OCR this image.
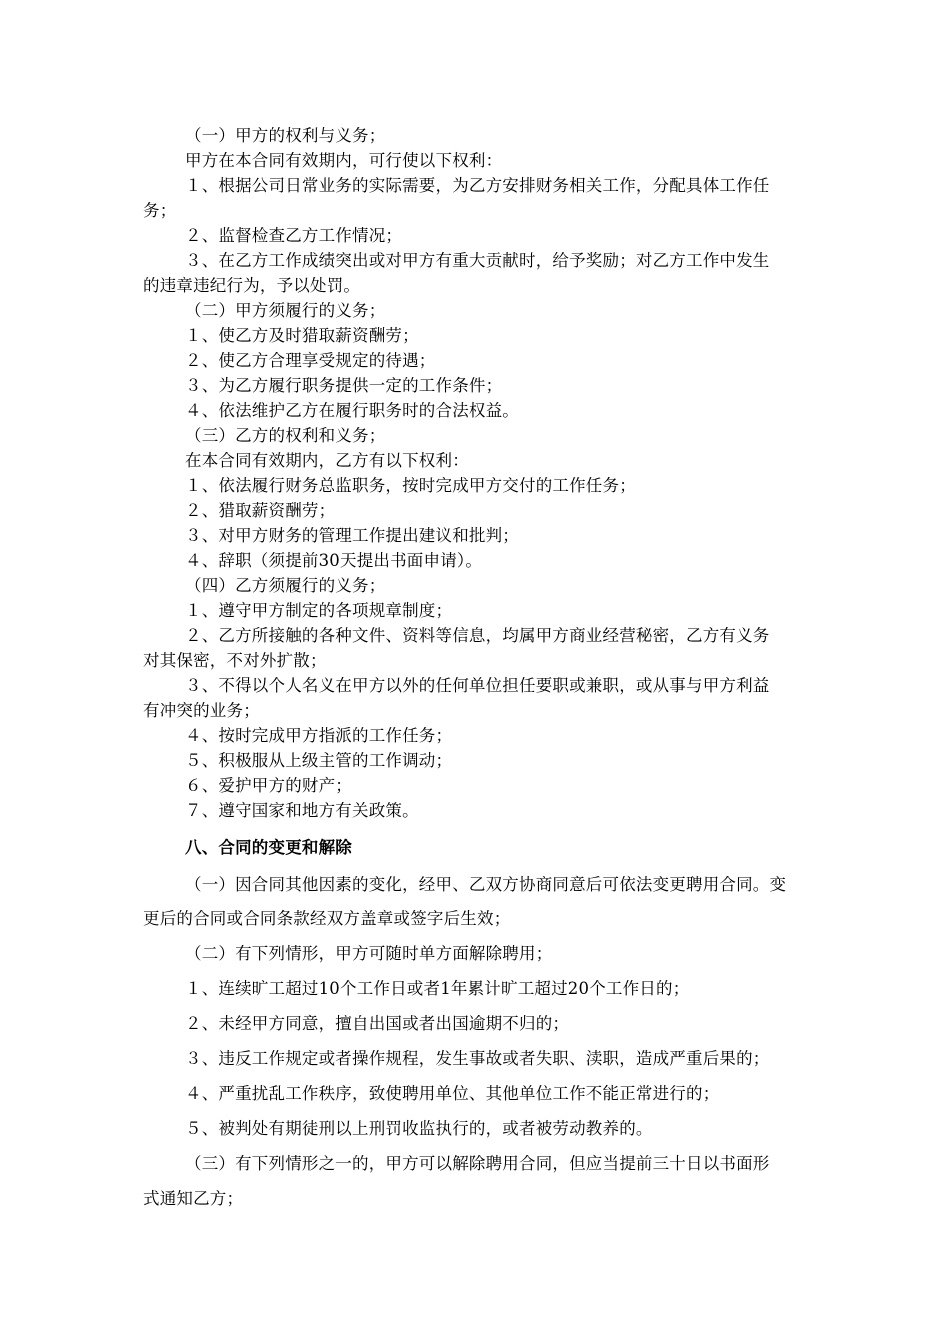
（一）甲方的权利与义务；
甲方在本合同有效期内，可行使以下权利：
１、根据公司日常业务的实际需要，为乙方安排财务相关工作，分配具体工作任
务；
２、监督检查乙方工作情况；
３、在乙方工作成绩突出或对甲方有重大贡献时，给予奖励；对乙方工作中发生
的违章违纪行为，予以处罚。
（二）甲方须履行的义务；
１、使乙方及时猎取薪资酬劳；
２、使乙方合理享受规定的待遇；
３、为乙方履行职务提供一定的工作条件；
４、依法维护乙方在履行职务时的合法权益。
（三）乙方的权利和义务；
在本合同有效期内，乙方有以下权利：
１、依法履行财务总监职务，按时完成甲方交付的工作任务；
２、猎取薪资酬劳；
３、对甲方财务的管理工作提出建议和批判；
４、辞职（须提前30天提出书面申请）。
（四）乙方须履行的义务；
１、遵守甲方制定的各项规章制度；
２、乙方所接触的各种文件、资料等信息，均属甲方商业经营秘密，乙方有义务
对其保密，不对外扩散；
３、不得以个人名义在甲方以外的任何单位担任要职或兼职，或从事与甲方利益
有冲突的业务；
４、按时完成甲方指派的工作任务；
５、积极服从上级主管的工作调动；
６、爱护甲方的财产；
７、遵守国家和地方有关政策。
八、合同的变更和解除
（一）因合同其他因素的变化，经甲、乙双方协商同意后可依法变更聘用合同。变
更后的合同或合同条款经双方盖章或签字后生效；
（二）有下列情形，甲方可随时单方面解除聘用；
１、连续旷工超过10个工作日或者1年累计旷工超过20个工作日的；
２、未经甲方同意，擅自出国或者出国逾期不归的；
３、违反工作规定或者操作规程，发生事故或者失职、渎职，造成严重后果的；
４、严重扰乱工作秩序，致使聘用单位、其他单位工作不能正常进行的；
５、被判处有期徒刑以上刑罚收监执行的，或者被劳动教养的。
（三）有下列情形之一的，甲方可以解除聘用合同，但应当提前三十日以书面形
式通知乙方；
